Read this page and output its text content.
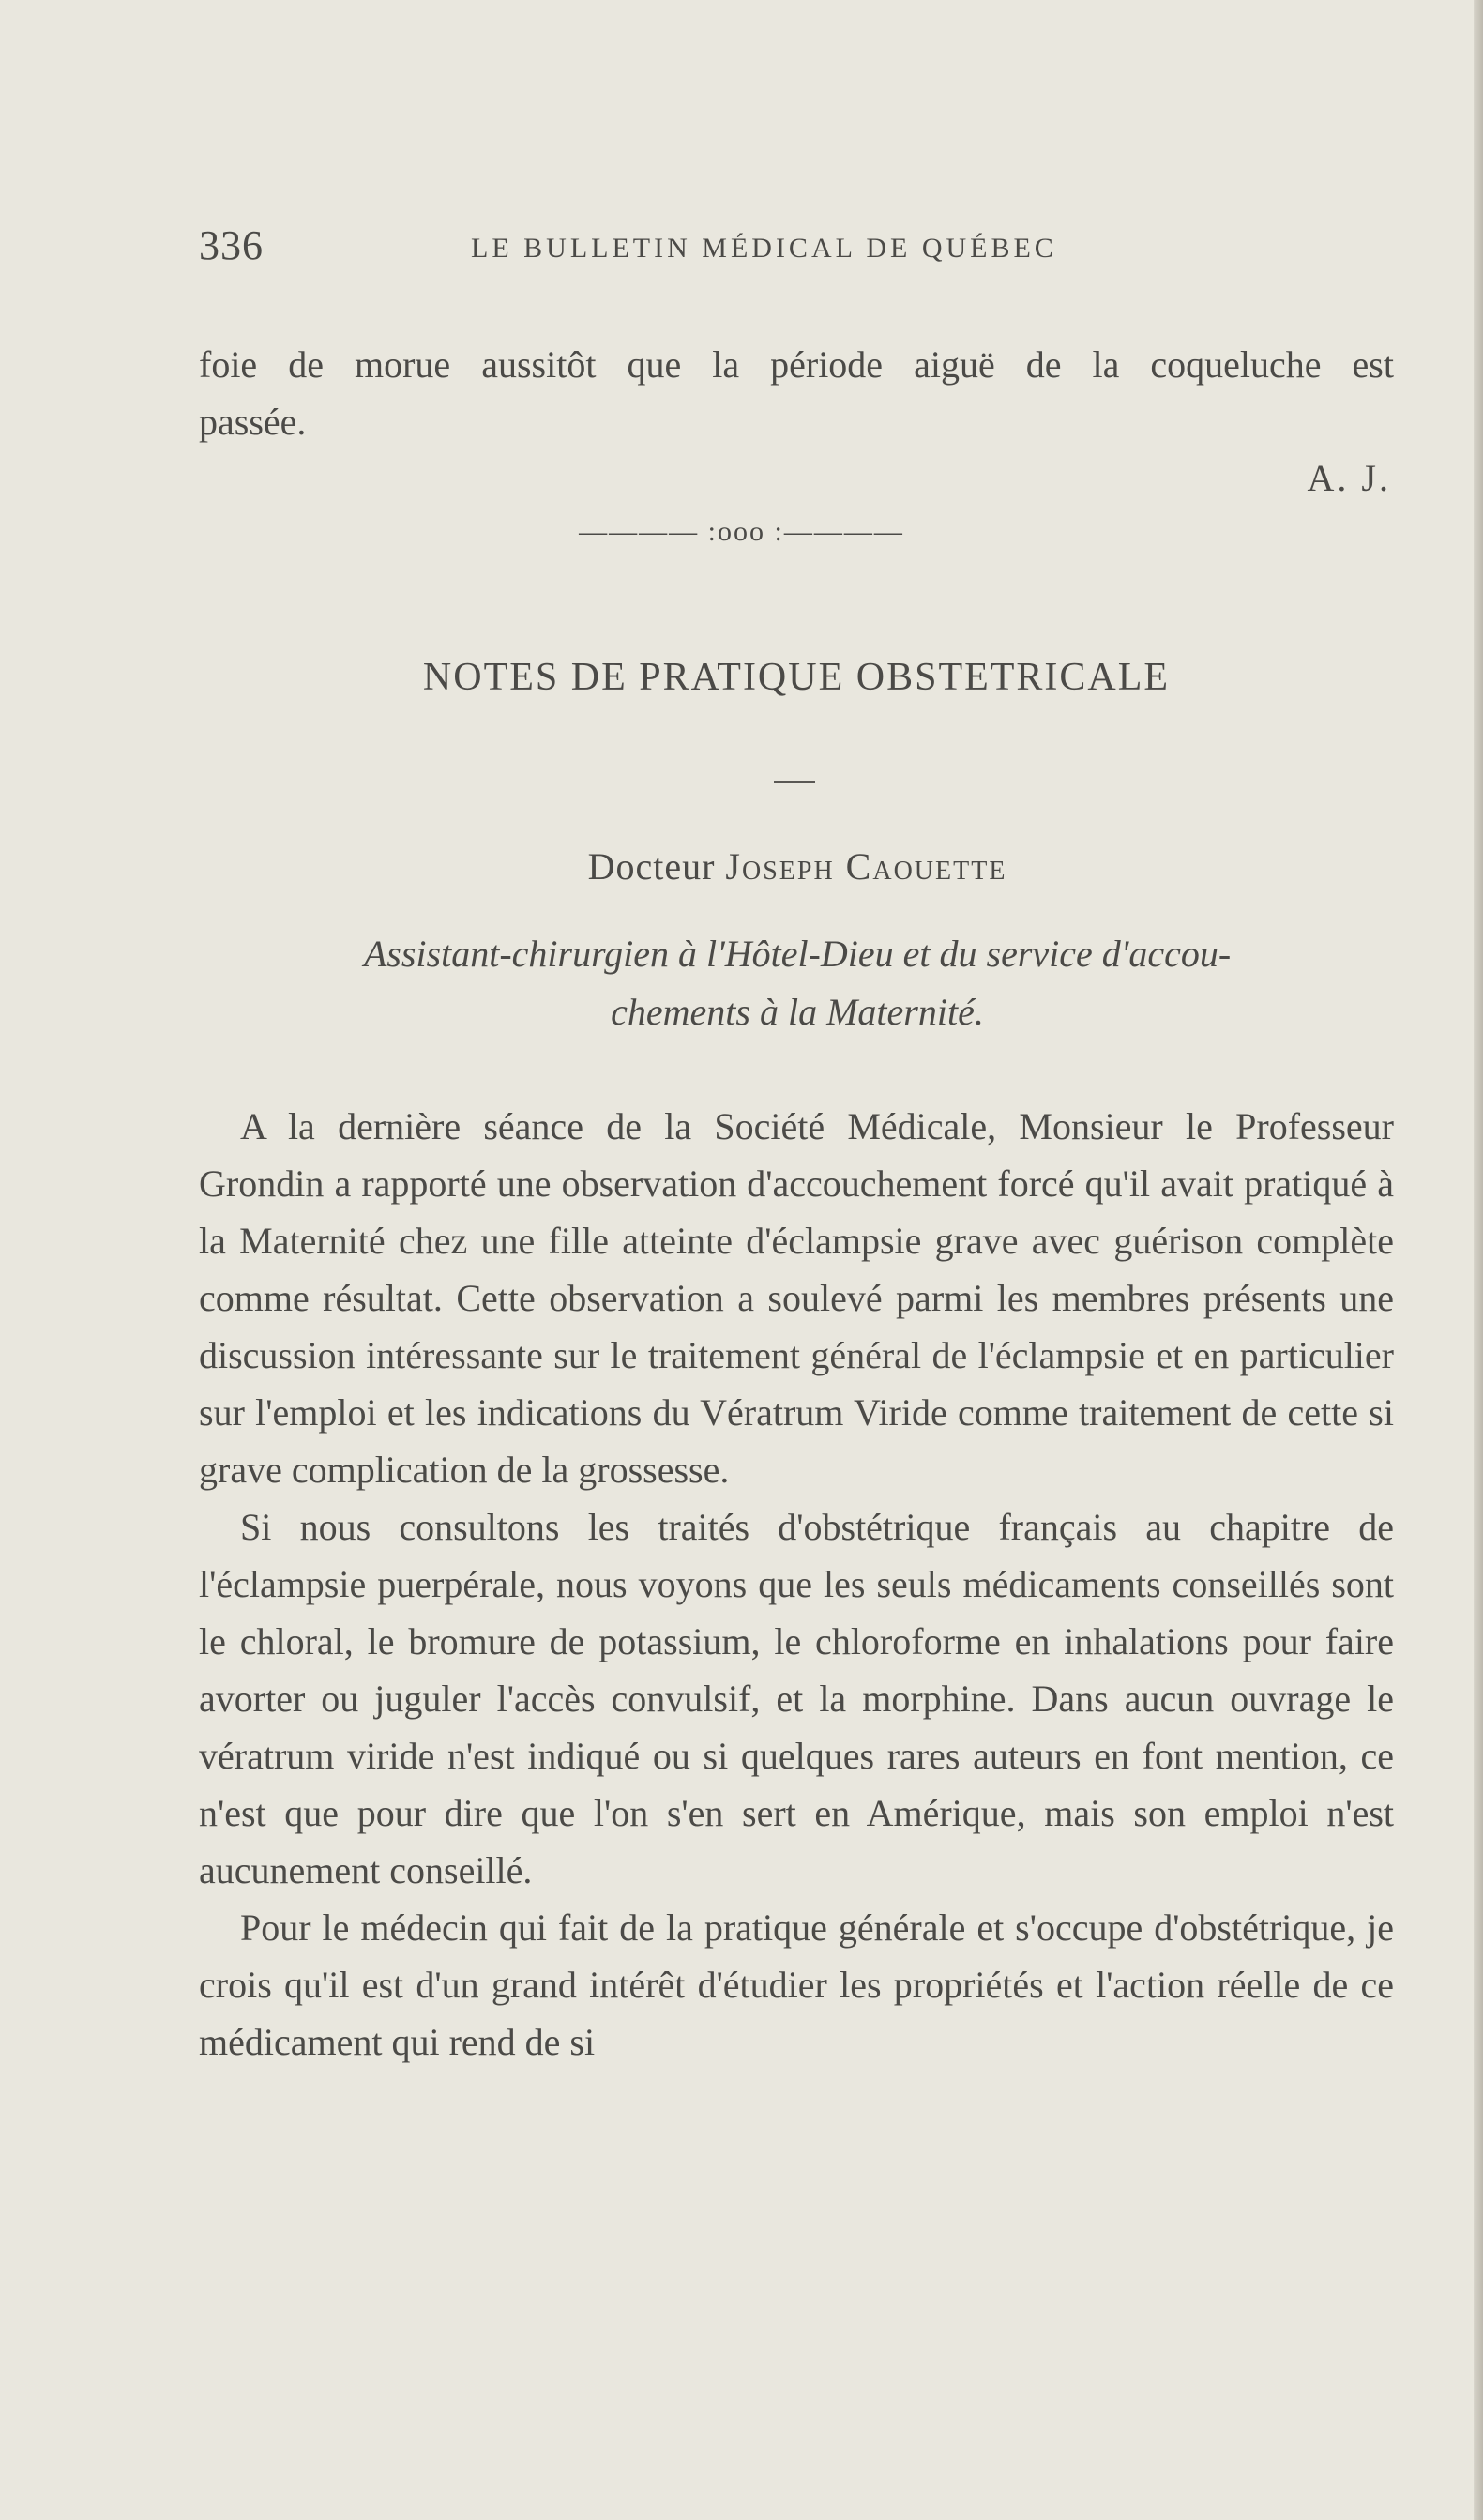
336	LE BULLETIN MÉDICAL DE QUÉBEC

foie de morue aussitôt que la période aiguë de la coqueluche est

passée.

A. J.
———— :ooo :————
NOTES DE PRATIQUE OBSTETRICALE
Docteur Joseph Caouette
Assistant-chirurgien à l'Hôtel-Dieu et du service d'accou-
chements à la Maternité.

A la dernière séance de la Société Médicale, Monsieur le Professeur Grondin a rapporté une observation d'accouchement forcé qu'il avait pratiqué à la Maternité chez une fille atteinte d'éclampsie grave avec guérison complète comme résultat. Cette observation a soulevé parmi les membres présents une discussion intéressante sur le traitement général de l'éclampsie et en particulier sur l'emploi et les indications du Vératrum Viride comme traitement de cette si grave complication de la grossesse.

Si nous consultons les traités d'obstétrique français au chapitre de l'éclampsie puerpérale, nous voyons que les seuls médicaments conseillés sont le chloral, le bromure de potassium, le chloroforme en inhalations pour faire avorter ou juguler l'accès convulsif, et la morphine. Dans aucun ouvrage le vératrum viride n'est indiqué ou si quelques rares auteurs en font mention, ce n'est que pour dire que l'on s'en sert en Amérique, mais son emploi n'est aucunement conseillé.

Pour le médecin qui fait de la pratique générale et s'occupe d'obstétrique, je crois qu'il est d'un grand intérêt d'étudier les propriétés et l'action réelle de ce médicament qui rend de si
